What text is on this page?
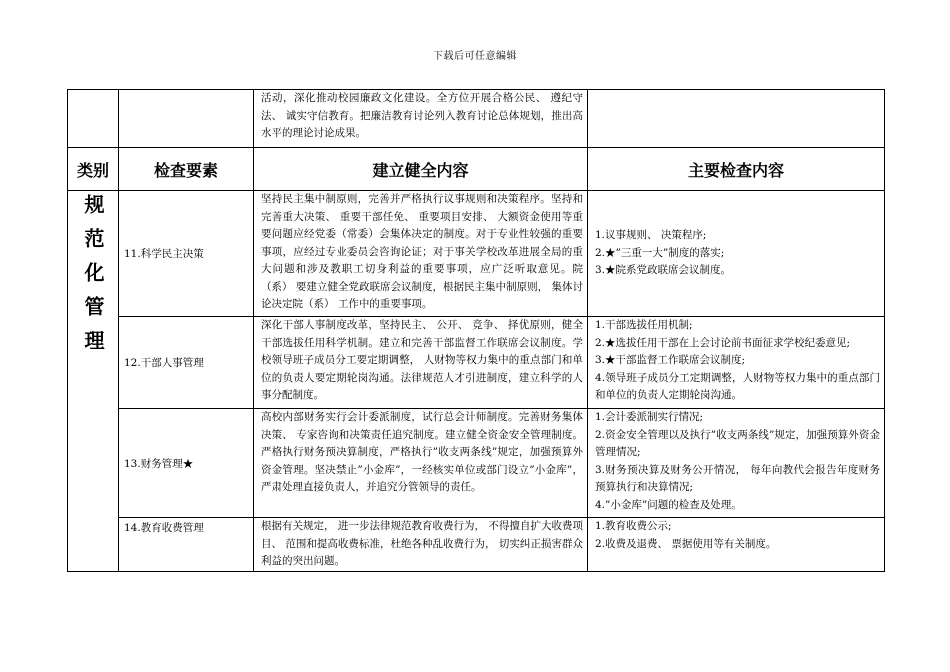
下载后可任意编辑
		活动，深化推动校园廉政文化建设。全方位开展合格公民、 遵纪守法、 诚实守信教育。把廉洁教育讨论列入教育讨论总体规划，推出高水平的理论讨论成果。	
类别	检查要素	建立健全内容	主要检查内容
规范化管理	11.科学民主决策	坚持民主集中制原则，完善并严格执行议事规则和决策程序。坚持和完善重大决策、 重要干部任免、 重要项目安排、 大额资金使用等重要问题应经党委（常委）会集体决定的制度。对于专业性较强的重要事项，应经过专业委员会咨询论证；对于事关学校改革进展全局的重大问题和涉及教职工切身利益的重要事项，应广泛听取意见。院（系） 要建立健全党政联席会议制度，根据民主集中制原则， 集体讨论决定院（系） 工作中的重要事项。	1.议事规则、 决策程序;
2.★”三重一大”制度的落实;
3.★院系党政联席会议制度。

	12.干部人事管理	深化干部人事制度改革，坚持民主、 公开、 竞争、 择优原则，健全干部选拔任用科学机制。建立和完善干部监督工作联席会议制度。学校领导班子成员分工要定期调整， 人财物等权力集中的重点部门和单位的负责人要定期轮岗沟通。法律规范人才引进制度，建立科学的人事分配制度。	1.干部选拔任用机制;
2.★选拔任用干部在上会讨论前书面征求学校纪委意见;
3.★干部监督工作联席会议制度;
4.领导班子成员分工定期调整，人财物等权力集中的重点部门和单位的负责人定期轮岗沟通。

	13.财务管理★	高校内部财务实行会计委派制度，试行总会计师制度。完善财务集体决策、 专家咨询和决策责任追究制度。建立健全资金安全管理制度。严格执行财务预决算制度，严格执行”收支两条线”规定，加强预算外资金管理。坚决禁止”小金库”，一经核实单位或部门设立”小金库”， 严肃处理直接负责人，并追究分管领导的责任。	1.会计委派制实行情况;
2.资金安全管理以及执行”收支两条线”规定，加强预算外资金管理情况;
3.财务预决算及财务公开情况， 每年向教代会报告年度财务预算执行和决算情况;
4.”小金库”问题的检查及处理。

	14.教育收费管理	根据有关规定， 进一步法律规范教育收费行为， 不得擅自扩大收费项目、 范围和提高收费标准，杜绝各种乱收费行为， 切实纠正损害群众利益的突出问题。	1.教育收费公示;
2.收费及退费、 票据使用等有关制度。
